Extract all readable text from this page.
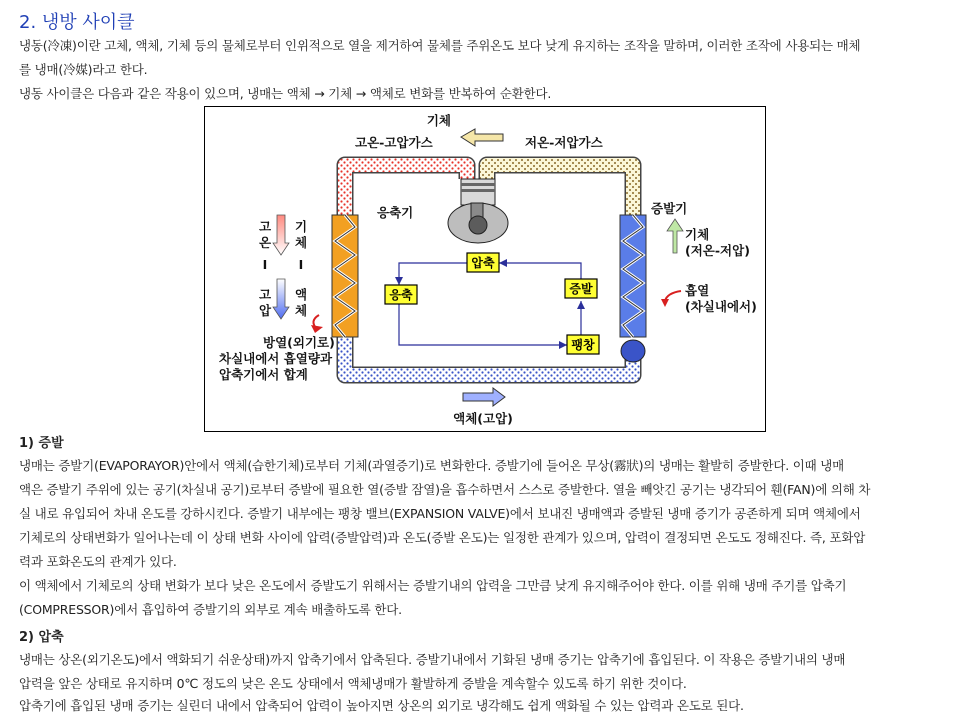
2. 냉방 사이클
냉동(冷凍)이란 고체, 액체, 기체 등의 물체로부터 인위적으로 열을 제거하여 물체를 주위온도 보다 낮게 유지하는 조작을 말하며, 이러한 조작에 사용되는 매체
를 냉매(冷媒)라고 한다.
냉동 사이클은 다음과 같은 작용이 있으며, 냉매는 액체 → 기체 → 액체로 변화를 반복하여 순환한다.
압축
응축	증발
팽창
기체
고온-고압가스	저온-저압가스
응축기	증발기
고
온
I
고
압
기
체
I
액
체
기체
(저온-저압)
흡열
(차실내에서)
방열(외기로)
차실내에서 흡열량과
압축기에서 합계
액체(고압)
1) 증발
냉매는 증발기(EVAPORAYOR)안에서 액체(습한기체)로부터 기체(과열증기)로 변화한다. 증발기에 들어온 무상(霧狀)의 냉매는 활발히 증발한다. 이때 냉매
액은 증발기 주위에 있는 공기(차실내 공기)로부터 증발에 필요한 열(증발 잠열)을 흡수하면서 스스로 증발한다. 열을 빼앗긴 공기는 냉각되어 휀(FAN)에 의해 차
실 내로 유입되어 차내 온도를 강하시킨다. 증발기 내부에는 팽창 밸브(EXPANSION VALVE)에서 보내진 냉매액과 증발된 냉매 증기가 공존하게 되며 액체에서
기체로의 상태변화가 일어나는데 이 상태 변화 사이에 압력(증발압력)과 온도(증발 온도)는 일정한 관계가 있으며, 압력이 결정되면 온도도 정해진다. 즉, 포화압
력과 포화온도의 관계가 있다.
이 액체에서 기체로의 상태 변화가 보다 낮은 온도에서 증발도기 위해서는 증발기내의 압력을 그만큼 낮게 유지해주어야 한다. 이를 위해 냉매 주기를 압축기
(COMPRESSOR)에서 흡입하여 증발기의 외부로 계속 배출하도록 한다.
2) 압축
냉매는 상온(외기온도)에서 액화되기 쉬운상태)까지 압축기에서 압축된다. 증발기내에서 기화된 냉매 증기는 압축기에 흡입된다. 이 작용은 증발기내의 냉매
압력을 앞은 상태로 유지하며 0℃ 정도의 낮은 온도 상태에서 액체냉매가 활발하게 증발을 계속할수 있도록 하기 위한 것이다.
압축기에 흡입된 냉매 증기는 실린더 내에서 압축되어 압력이 높아지면 상온의 외기로 냉각해도 쉽게 액화될 수 있는 압력과 온도로 된다.
